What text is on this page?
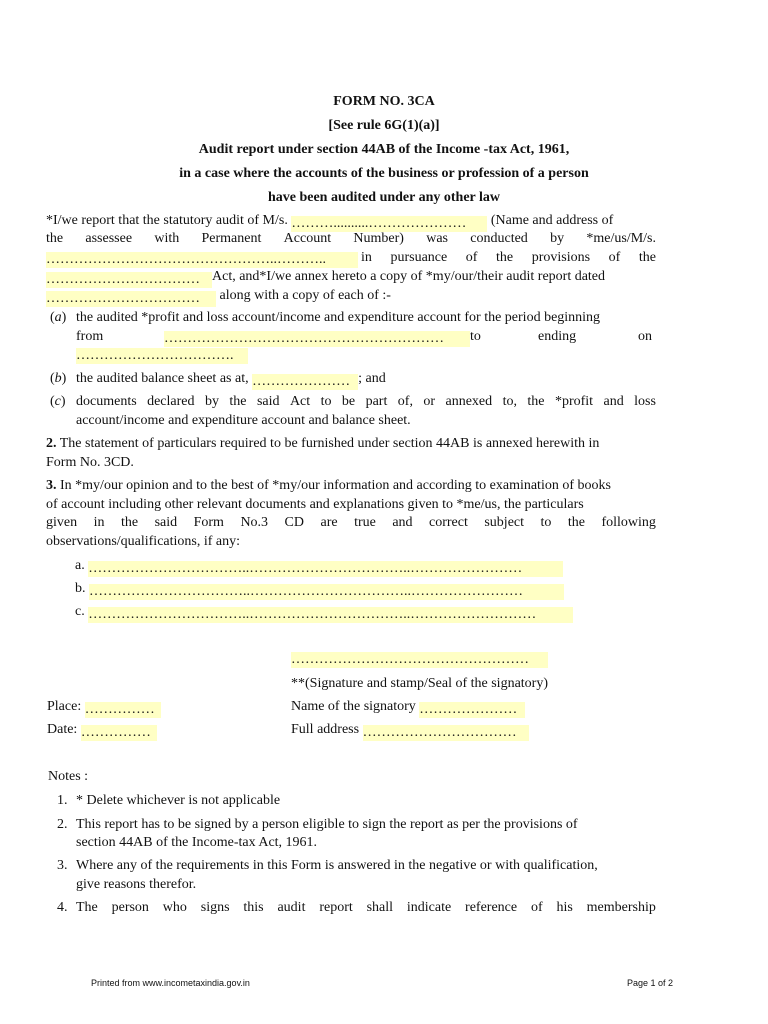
FORM NO. 3CA
[See rule 6G(1)(a)]
Audit report under section 44AB of the Income -tax Act, 1961,
in a case where the accounts of the business or profession of a person
have been audited under any other law
*I/we report that the statutory audit of M/s. ………..........………………… (Name and address of
the assessee with Permanent Account Number) was conducted by *me/us/M/s.
…………………………………………..………..	in pursuance of the provisions of the
…………………………… Act, and*I/we annex hereto a copy of *my/our/their audit report dated
…………………………… along with a copy of each of :-
(a) the audited *profit and loss account/income and expenditure account for the period beginning
from	……………………………………………………	to	ending	on
…………………………….
(b) the audited balance sheet as at, ………………… ; and
(c) documents declared by the said Act to be part of, or annexed to, the *profit and loss
account/income and expenditure account and balance sheet.
2. The statement of particulars required to be furnished under section 44AB is annexed herewith in
Form No. 3CD.
3. In *my/our opinion and to the best of *my/our information and according to examination of books
of account including other relevant documents and explanations given to *me/us, the particulars
given in the said Form No.3 CD are true and correct subject to the following
observations/qualifications, if any:
a. ……………………………..……………………………..……………………
b. ……………………………..……………………………..……………………
c. ……………………………..……………………………..………………………
……………………………………………
**(Signature and stamp/Seal of the signatory)
Place: ……………	Name of the signatory …………………
Date: ……………	Full address ……………………………
Notes :
1. * Delete whichever is not applicable
2. This report has to be signed by a person eligible to sign the report as per the provisions of
section 44AB of the Income-tax Act, 1961.
3. Where any of the requirements in this Form is answered in the negative or with qualification,
give reasons therefor.
4. The person who signs this audit report shall indicate reference of his membership
Printed from www.incometaxindia.gov.in	Page 1 of 2
